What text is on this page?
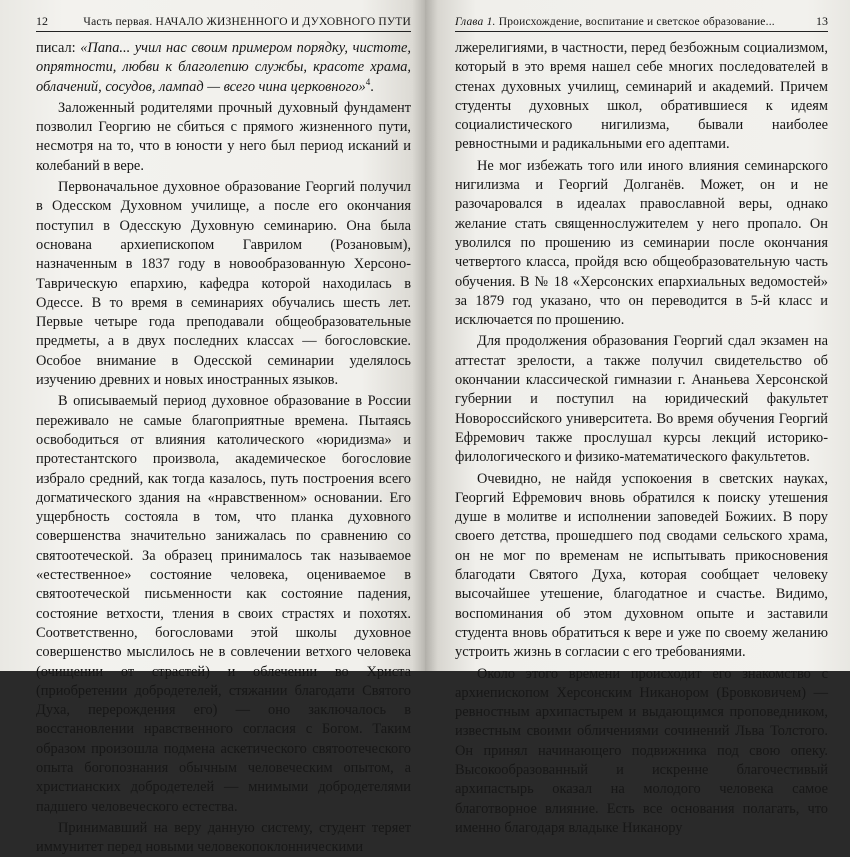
12	Часть первая. НАЧАЛО ЖИЗНЕННОГО И ДУХОВНОГО ПУТИ

писал: «Папа... учил нас своим примером порядку, чистоте, опрятности, любви к благолепию службы, красоте храма, облачений, сосудов, лампад — всего чина церковного»$^4$.

Заложенный родителями прочный духовный фундамент позволил Георгию не сбиться с прямого жизненного пути, несмотря на то, что в юности у него был период исканий и колебаний в вере.

Первоначальное духовное образование Георгий получил в Одесском Духовном училище, а после его окончания поступил в Одесскую Духовную семинарию. Она была основана архиепископом Гаврилом (Розановым), назначенным в 1837 году в новообразованную Херсоно-Таврическую епархию, кафедра которой находилась в Одессе. В то время в семинариях обучались шесть лет. Первые четыре года преподавали общеобразовательные предметы, а в двух последних классах — богословские. Особое внимание в Одесской семинарии уделялось изучению древних и новых иностранных языков.

В описываемый период духовное образование в России переживало не самые благоприятные времена. Пытаясь освободиться от влияния католического «юридизма» и протестантского произвола, академическое богословие избрало средний, как тогда казалось, путь построения всего догматического здания на «нравственном» основании. Его ущербность состояла в том, что планка духовного совершенства значительно занижалась по сравнению со святоотеческой. За образец принималось так называемое «естественное» состояние человека, оцениваемое в святоотеческой письменности как состояние падения, состояние ветхости, тления в своих страстях и похотях. Соответственно, богословами этой школы духовное совершенство мыслилось не в совлечении ветхого человека (очищении от страстей) и облечении во Христа (приобретении добродетелей, стяжании благодати Святого Духа, перерождения его) — оно заключалось в восстановлении нравственного согласия с Богом. Таким образом произошла подмена аскетического святоотеческого опыта богопознания обычным человеческим опытом, а христианских добродетелей — мнимыми добродетелями падшего человеческого естества.

Принимавший на веру данную систему, студент теряет иммунитет перед новыми человекопоклонническими

Глава 1. Происхождение, воспитание и светское образование...	13

лжерелигиями, в частности, перед безбожным социализмом, который в это время нашел себе многих последователей в стенах духовных училищ, семинарий и академий. Причем студенты духовных школ, обратившиеся к идеям социалистического нигилизма, бывали наиболее ревностными и радикальными его адептами.

Не мог избежать того или иного влияния семинарского нигилизма и Георгий Долганёв. Может, он и не разочаровался в идеалах православной веры, однако желание стать священнослужителем у него пропало. Он уволился по прошению из семинарии после окончания четвертого класса, пройдя всю общеобразовательную часть обучения. В № 18 «Херсонских епархиальных ведомостей» за 1879 год указано, что он переводится в 5-й класс и исключается по прошению.

Для продолжения образования Георгий сдал экзамен на аттестат зрелости, а также получил свидетельство об окончании классической гимназии г. Ананьева Херсонской губернии и поступил на юридический факультет Новороссийского университета. Во время обучения Георгий Ефремович также прослушал курсы лекций историко-филологического и физико-математического факультетов.

Очевидно, не найдя успокоения в светских науках, Георгий Ефремович вновь обратился к поиску утешения душе в молитве и исполнении заповедей Божиих. В пору своего детства, прошедшего под сводами сельского храма, он не мог по временам не испытывать прикосновения благодати Святого Духа, которая сообщает человеку высочайшее утешение, благодатное и счастье. Видимо, воспоминания об этом духовном опыте и заставили студента вновь обратиться к вере и уже по своему желанию устроить жизнь в согласии с его требованиями.

Около этого времени происходит его знакомство с архиепископом Херсонским Никанором (Бровковичем) — ревностным архипастырем и выдающимся проповедником, известным своими обличениями сочинений Льва Толстого. Он принял начинающего подвижника под свою опеку. Высокообразованный и искренне благочестивый архипастырь оказал на молодого человека самое благотворное влияние. Есть все основания полагать, что именно благодаря владыке Никанору
